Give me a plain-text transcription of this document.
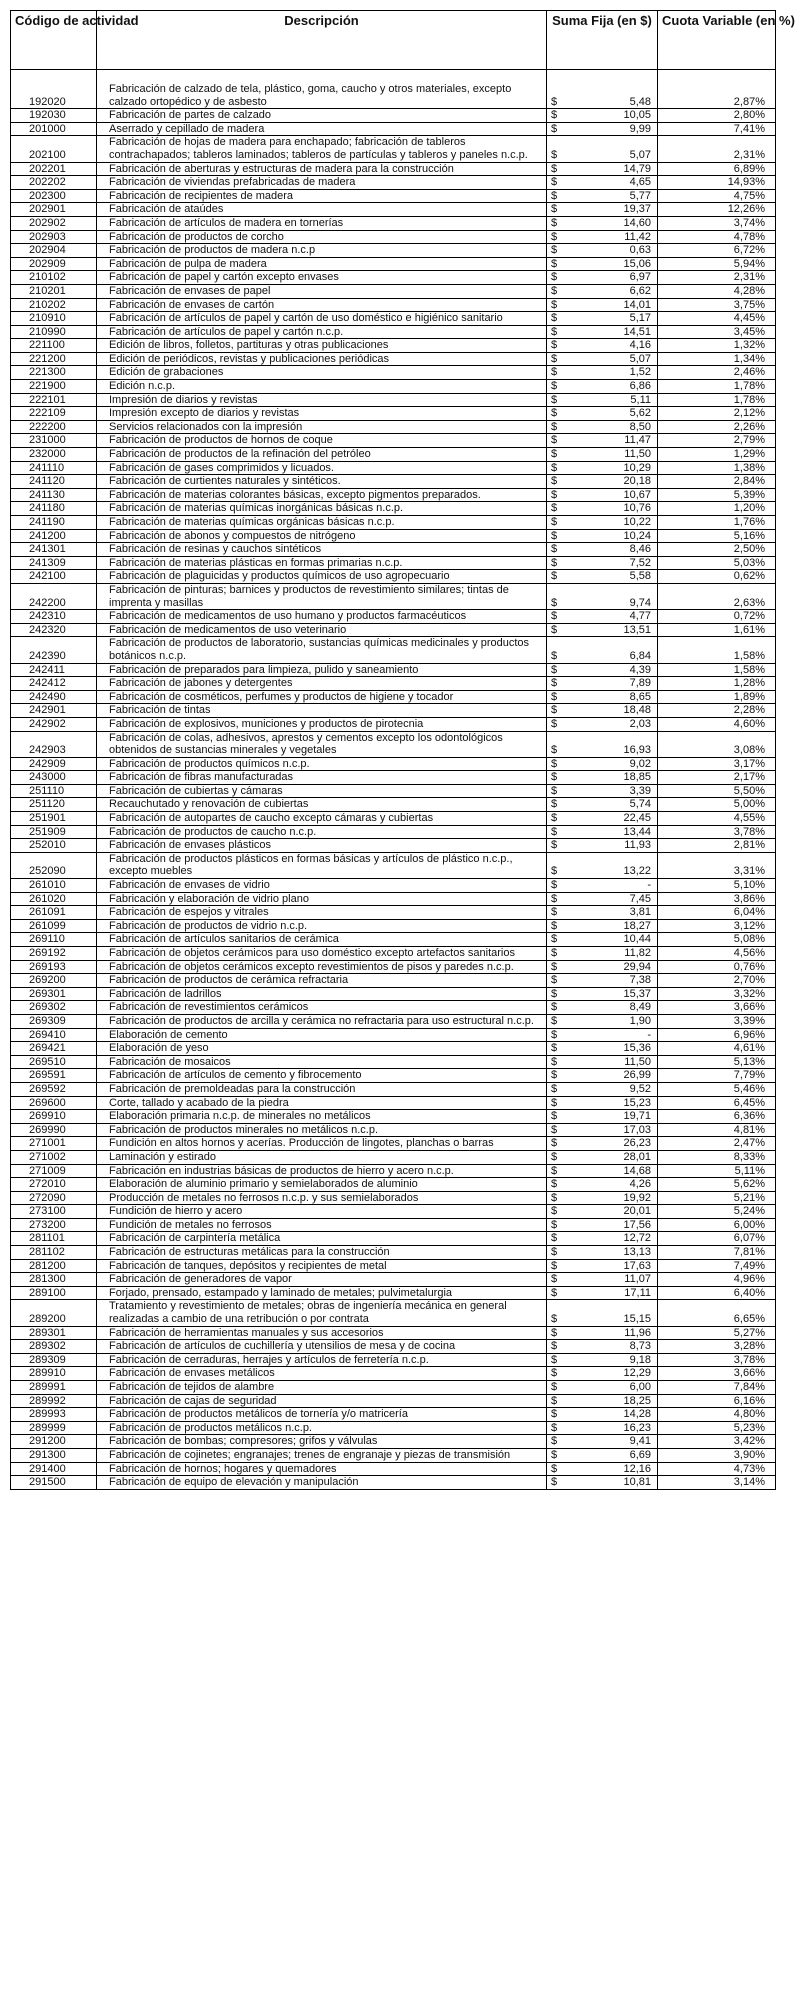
Código de actividad	Descripción	Suma Fija (en $)	Cuota Variable (en %)
192020	Fabricación de calzado de tela, plástico, goma, caucho y otros materiales, excepto calzado ortopédico y de asbesto	$ 5,48	2,87%
192030	Fabricación de partes de calzado	$ 10,05	2,80%
201000	Aserrado y cepillado de madera	$ 9,99	7,41%
202100	Fabricación de hojas de madera para enchapado; fabricación de tableros contrachapados; tableros laminados; tableros de partículas y tableros y paneles n.c.p.	$ 5,07	2,31%
202201	Fabricación de aberturas y estructuras de madera para la construcción	$ 14,79	6,89%
202202	Fabricación de viviendas prefabricadas de madera	$ 4,65	14,93%
202300	Fabricación de recipientes de madera	$ 5,77	4,75%
202901	Fabricación de ataúdes	$ 19,37	12,26%
202902	Fabricación de artículos de madera en tornerías	$ 14,60	3,74%
202903	Fabricación de productos de corcho	$ 11,42	4,78%
202904	Fabricación de productos de madera n.c.p	$ 0,63	6,72%
202909	Fabricación de pulpa de madera	$ 15,06	5,94%
210102	Fabricación de papel y cartón excepto envases	$ 6,97	2,31%
210201	Fabricación de envases de papel	$ 6,62	4,28%
210202	Fabricación de envases de cartón	$ 14,01	3,75%
210910	Fabricación de artículos de papel y cartón de uso doméstico e higiénico sanitario	$ 5,17	4,45%
210990	Fabricación de artículos de papel y cartón n.c.p.	$ 14,51	3,45%
221100	Edición de libros, folletos, partituras y otras publicaciones	$ 4,16	1,32%
221200	Edición de periódicos, revistas y publicaciones periódicas	$ 5,07	1,34%
221300	Edición de grabaciones	$ 1,52	2,46%
221900	Edición n.c.p.	$ 6,86	1,78%
222101	Impresión de diarios y revistas	$ 5,11	1,78%
222109	Impresión excepto de diarios y revistas	$ 5,62	2,12%
222200	Servicios relacionados con la impresión	$ 8,50	2,26%
231000	Fabricación de productos de hornos de coque	$ 11,47	2,79%
232000	Fabricación de productos de la refinación del petróleo	$ 11,50	1,29%
241110	Fabricación de gases comprimidos y licuados.	$ 10,29	1,38%
241120	Fabricación de curtientes naturales y sintéticos.	$ 20,18	2,84%
241130	Fabricación de materias colorantes básicas, excepto pigmentos preparados.	$ 10,67	5,39%
241180	Fabricación de materias químicas inorgánicas básicas n.c.p.	$ 10,76	1,20%
241190	Fabricación de materias químicas orgánicas básicas n.c.p.	$ 10,22	1,76%
241200	Fabricación de abonos y compuestos de nitrógeno	$ 10,24	5,16%
241301	Fabricación de resinas y cauchos sintéticos	$ 8,46	2,50%
241309	Fabricación de materias plásticas en formas primarias n.c.p.	$ 7,52	5,03%
242100	Fabricación de plaguicidas y productos químicos de uso agropecuario	$ 5,58	0,62%
242200	Fabricación de pinturas; barnices y productos de revestimiento similares; tintas de imprenta y masillas	$ 9,74	2,63%
242310	Fabricación de medicamentos de uso humano y productos farmacéuticos	$ 4,77	0,72%
242320	Fabricación de medicamentos de uso veterinario	$ 13,51	1,61%
242390	Fabricación de productos de laboratorio, sustancias químicas medicinales y productos botánicos n.c.p.	$ 6,84	1,58%
242411	Fabricación de preparados para limpieza, pulido y saneamiento	$ 4,39	1,58%
242412	Fabricación de jabones y detergentes	$ 7,89	1,28%
242490	Fabricación de cosméticos, perfumes y productos de higiene y tocador	$ 8,65	1,89%
242901	Fabricación de tintas	$ 18,48	2,28%
242902	Fabricación de explosivos, municiones y productos de pirotecnia	$ 2,03	4,60%
242903	Fabricación de colas, adhesivos, aprestos y cementos excepto los odontológicos obtenidos de sustancias minerales y vegetales	$ 16,93	3,08%
242909	Fabricación de productos químicos n.c.p.	$ 9,02	3,17%
243000	Fabricación de fibras manufacturadas	$ 18,85	2,17%
251110	Fabricación de cubiertas y cámaras	$ 3,39	5,50%
251120	Recauchutado y renovación de cubiertas	$ 5,74	5,00%
251901	Fabricación de autopartes de caucho excepto cámaras y cubiertas	$ 22,45	4,55%
251909	Fabricación de productos de caucho n.c.p.	$ 13,44	3,78%
252010	Fabricación de envases plásticos	$ 11,93	2,81%
252090	Fabricación de productos plásticos en formas básicas y artículos de plástico n.c.p., excepto muebles	$ 13,22	3,31%
261010	Fabricación de envases de vidrio	$ -	5,10%
261020	Fabricación y elaboración de vidrio plano	$ 7,45	3,86%
261091	Fabricación de espejos y vitrales	$ 3,81	6,04%
261099	Fabricación de productos de vidrio n.c.p.	$ 18,27	3,12%
269110	Fabricación de artículos sanitarios de cerámica	$ 10,44	5,08%
269192	Fabricación de objetos cerámicos para uso doméstico excepto artefactos sanitarios	$ 11,82	4,56%
269193	Fabricación de objetos cerámicos excepto revestimientos de pisos y paredes n.c.p.	$ 29,94	0,76%
269200	Fabricación de productos de cerámica refractaria	$ 7,38	2,70%
269301	Fabricación de ladrillos	$ 15,37	3,32%
269302	Fabricación de revestimientos cerámicos	$ 8,49	3,66%
269309	Fabricación de productos de arcilla y cerámica no refractaria para uso estructural n.c.p.	$ 1,90	3,39%
269410	Elaboración de cemento	$ -	6,96%
269421	Elaboración de yeso	$ 15,36	4,61%
269510	Fabricación de mosaicos	$ 11,50	5,13%
269591	Fabricación de artículos de cemento y fibrocemento	$ 26,99	7,79%
269592	Fabricación de premoldeadas para la construcción	$ 9,52	5,46%
269600	Corte, tallado y acabado de la piedra	$ 15,23	6,45%
269910	Elaboración primaria n.c.p. de minerales no metálicos	$ 19,71	6,36%
269990	Fabricación de productos minerales no metálicos n.c.p.	$ 17,03	4,81%
271001	Fundición en altos hornos y acerías. Producción de lingotes, planchas o barras	$ 26,23	2,47%
271002	Laminación y estirado	$ 28,01	8,33%
271009	Fabricación en industrias básicas de productos de hierro y acero n.c.p.	$ 14,68	5,11%
272010	Elaboración de aluminio primario y semielaborados de aluminio	$ 4,26	5,62%
272090	Producción de metales no ferrosos n.c.p. y sus semielaborados	$ 19,92	5,21%
273100	Fundición de hierro y acero	$ 20,01	5,24%
273200	Fundición de metales no ferrosos	$ 17,56	6,00%
281101	Fabricación de carpintería metálica	$ 12,72	6,07%
281102	Fabricación de estructuras metálicas para la construcción	$ 13,13	7,81%
281200	Fabricación de tanques, depósitos y recipientes de metal	$ 17,63	7,49%
281300	Fabricación de generadores de vapor	$ 11,07	4,96%
289100	Forjado, prensado, estampado y laminado de metales; pulvimetalurgia	$ 17,11	6,40%
289200	Tratamiento y revestimiento de metales; obras de ingeniería mecánica en general realizadas a cambio de una retribución o por contrata	$ 15,15	6,65%
289301	Fabricación de herramientas manuales y sus accesorios	$ 11,96	5,27%
289302	Fabricación de artículos de cuchillería y utensilios de mesa y de cocina	$ 8,73	3,28%
289309	Fabricación de cerraduras, herrajes y artículos de ferretería n.c.p.	$ 9,18	3,78%
289910	Fabricación de envases metálicos	$ 12,29	3,66%
289991	Fabricación de tejidos de alambre	$ 6,00	7,84%
289992	Fabricación de cajas de seguridad	$ 18,25	6,16%
289993	Fabricación de productos metálicos de tornería y/o matricería	$ 14,28	4,80%
289999	Fabricación de productos metálicos n.c.p.	$ 16,23	5,23%
291200	Fabricación de bombas; compresores; grifos y válvulas	$ 9,41	3,42%
291300	Fabricación de cojinetes; engranajes; trenes de engranaje y piezas de transmisión	$ 6,69	3,90%
291400	Fabricación de hornos; hogares y quemadores	$ 12,16	4,73%
291500	Fabricación de equipo de elevación y manipulación	$ 10,81	3,14%
